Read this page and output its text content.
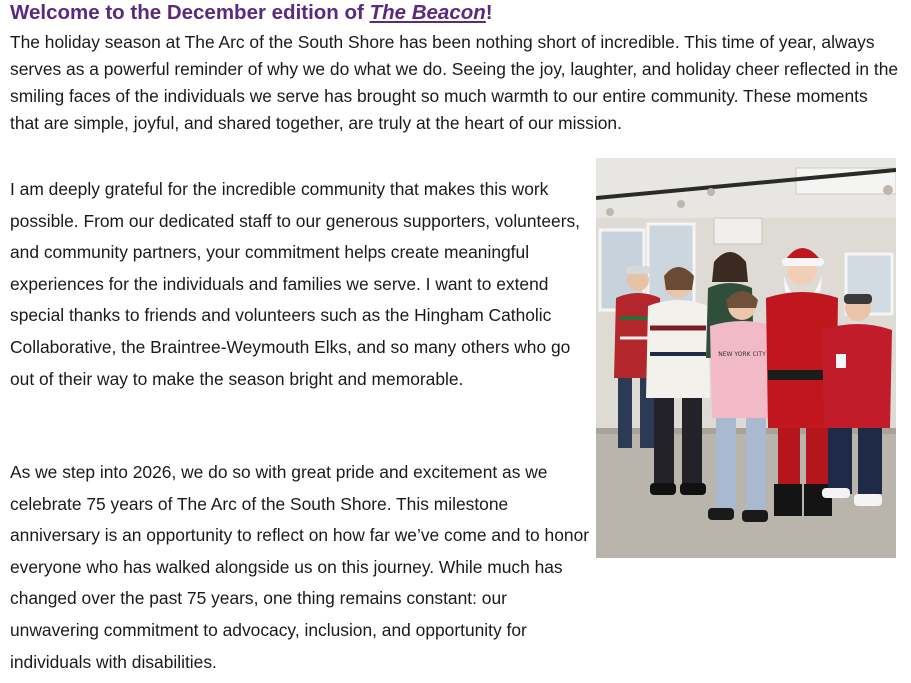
Welcome to the December edition of The Beacon!

The holiday season at The Arc of the South Shore has been nothing short of incredible. This time of year, always serves as a powerful reminder of why we do what we do. Seeing the joy, laughter, and holiday cheer reflected in the smiling faces of the individuals we serve has brought so much warmth to our entire community. These moments that are simple, joyful, and shared together, are truly at the heart of our mission.

I am deeply grateful for the incredible community that makes this work possible. From our dedicated staff to our generous supporters, volunteers, and community partners, your commitment helps create meaningful experiences for the individuals and families we serve. I want to extend special thanks to friends and volunteers such as the Hingham Catholic Collaborative, the Braintree-Weymouth Elks, and so many others who go out of their way to make the season bright and memorable.

As we step into 2026, we do so with great pride and excitement as we celebrate 75 years of The Arc of the South Shore. This milestone anniversary is an opportunity to reflect on how far we’ve come and to honor everyone who has walked alongside us on this journey. While much has changed over the past 75 years, one thing remains constant: our unwavering commitment to advocacy, inclusion, and opportunity for individuals with disabilities.

NEW YORK CITY
